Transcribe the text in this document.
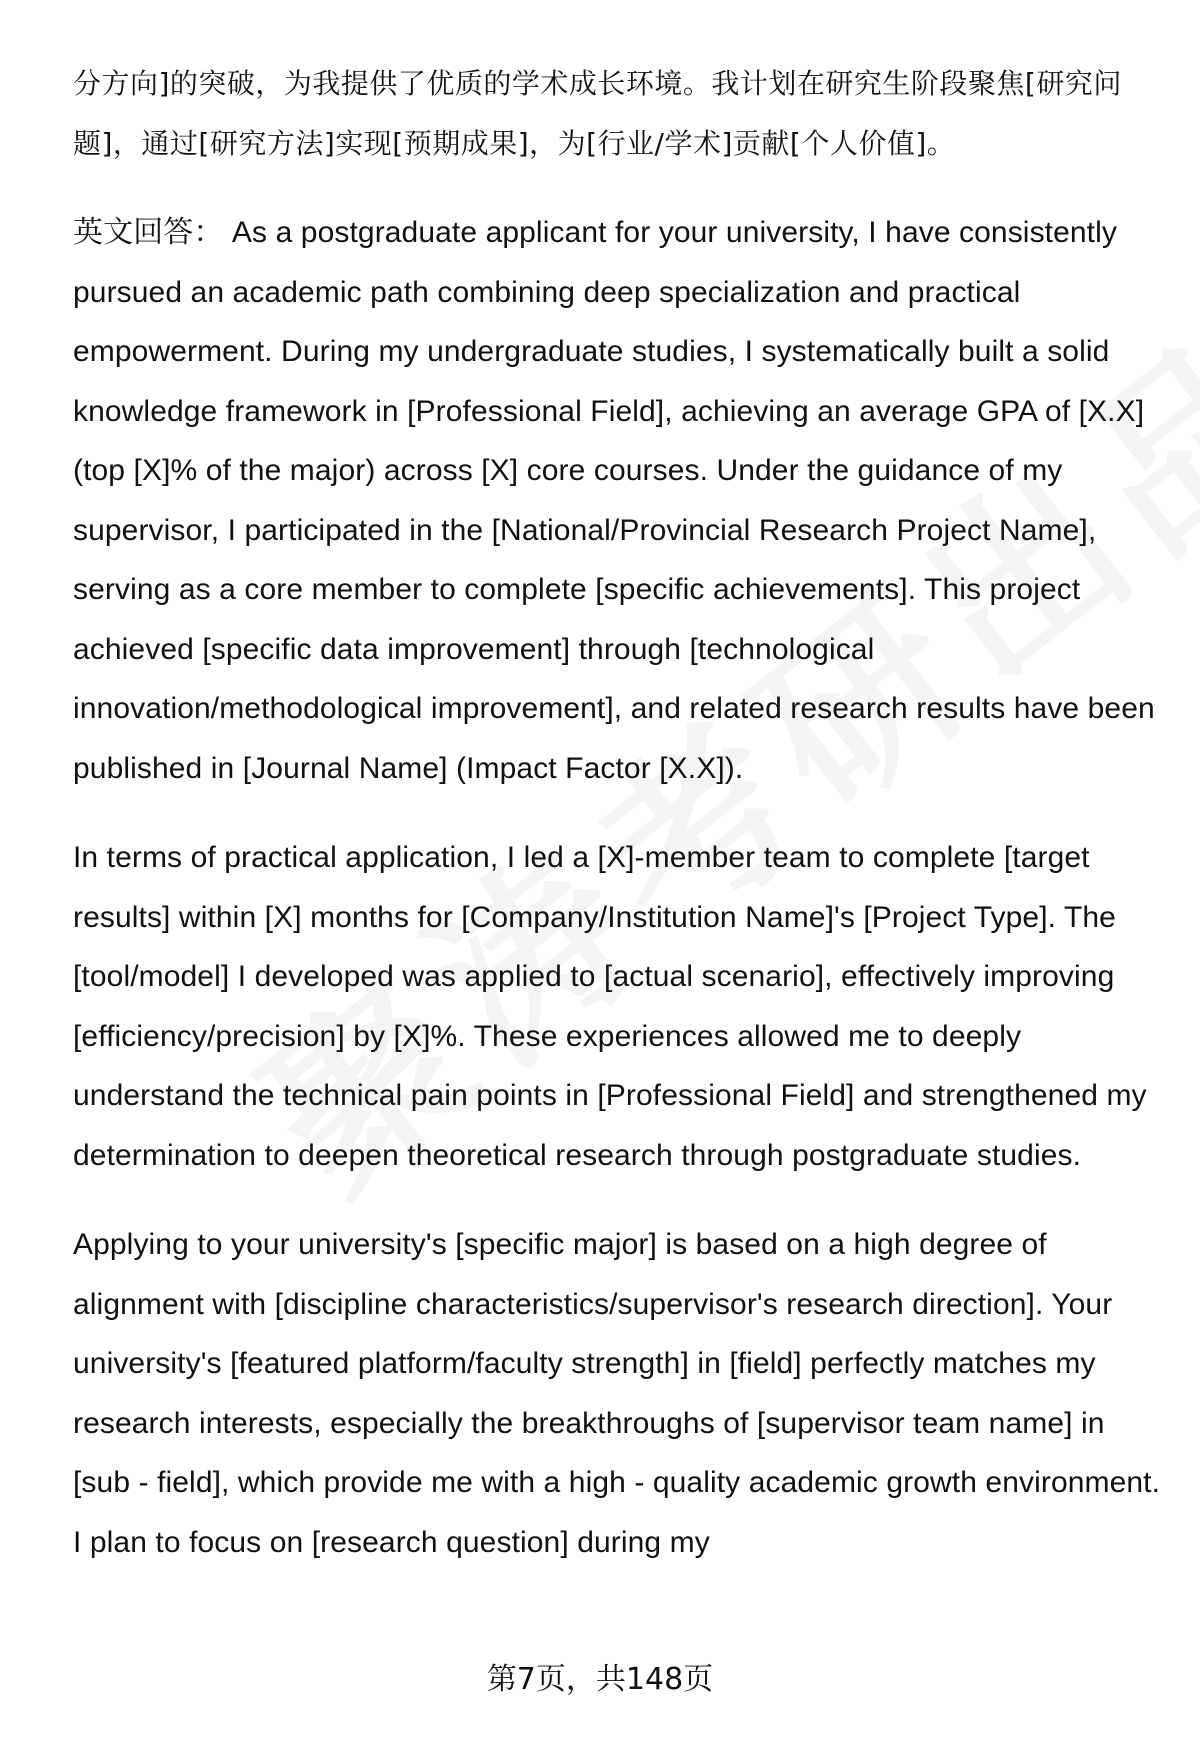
分方向]的突破，为我提供了优质的学术成长环境。我计划在研究生阶段聚焦[研究问题]，通过[研究方法]实现[预期成果]，为[行业/学术]贡献[个人价值]。

英文回答： As a postgraduate applicant for your university, I have consistently pursued an academic path combining deep specialization and practical empowerment. During my undergraduate studies, I systematically built a solid knowledge framework in [Professional Field], achieving an average GPA of [X.X] (top [X]% of the major) across [X] core courses. Under the guidance of my supervisor, I participated in the [National/Provincial Research Project Name], serving as a core member to complete [specific achievements]. This project achieved [specific data improvement] through [technological innovation/methodological improvement], and related research results have been published in [Journal Name] (Impact Factor [X.X]).

In terms of practical application, I led a [X]-member team to complete [target results] within [X] months for [Company/Institution Name]'s [Project Type]. The [tool/model] I developed was applied to [actual scenario], effectively improving [efficiency/precision] by [X]%. These experiences allowed me to deeply understand the technical pain points in [Professional Field] and strengthened my determination to deepen theoretical research through postgraduate studies.

Applying to your university's [specific major] is based on a high degree of alignment with [discipline characteristics/supervisor's research direction]. Your university's [featured platform/faculty strength] in [field] perfectly matches my research interests, especially the breakthroughs of [supervisor team name] in [sub - field], which provide me with a high - quality academic growth environment. I plan to focus on [research question] during my

第7页，共148页
